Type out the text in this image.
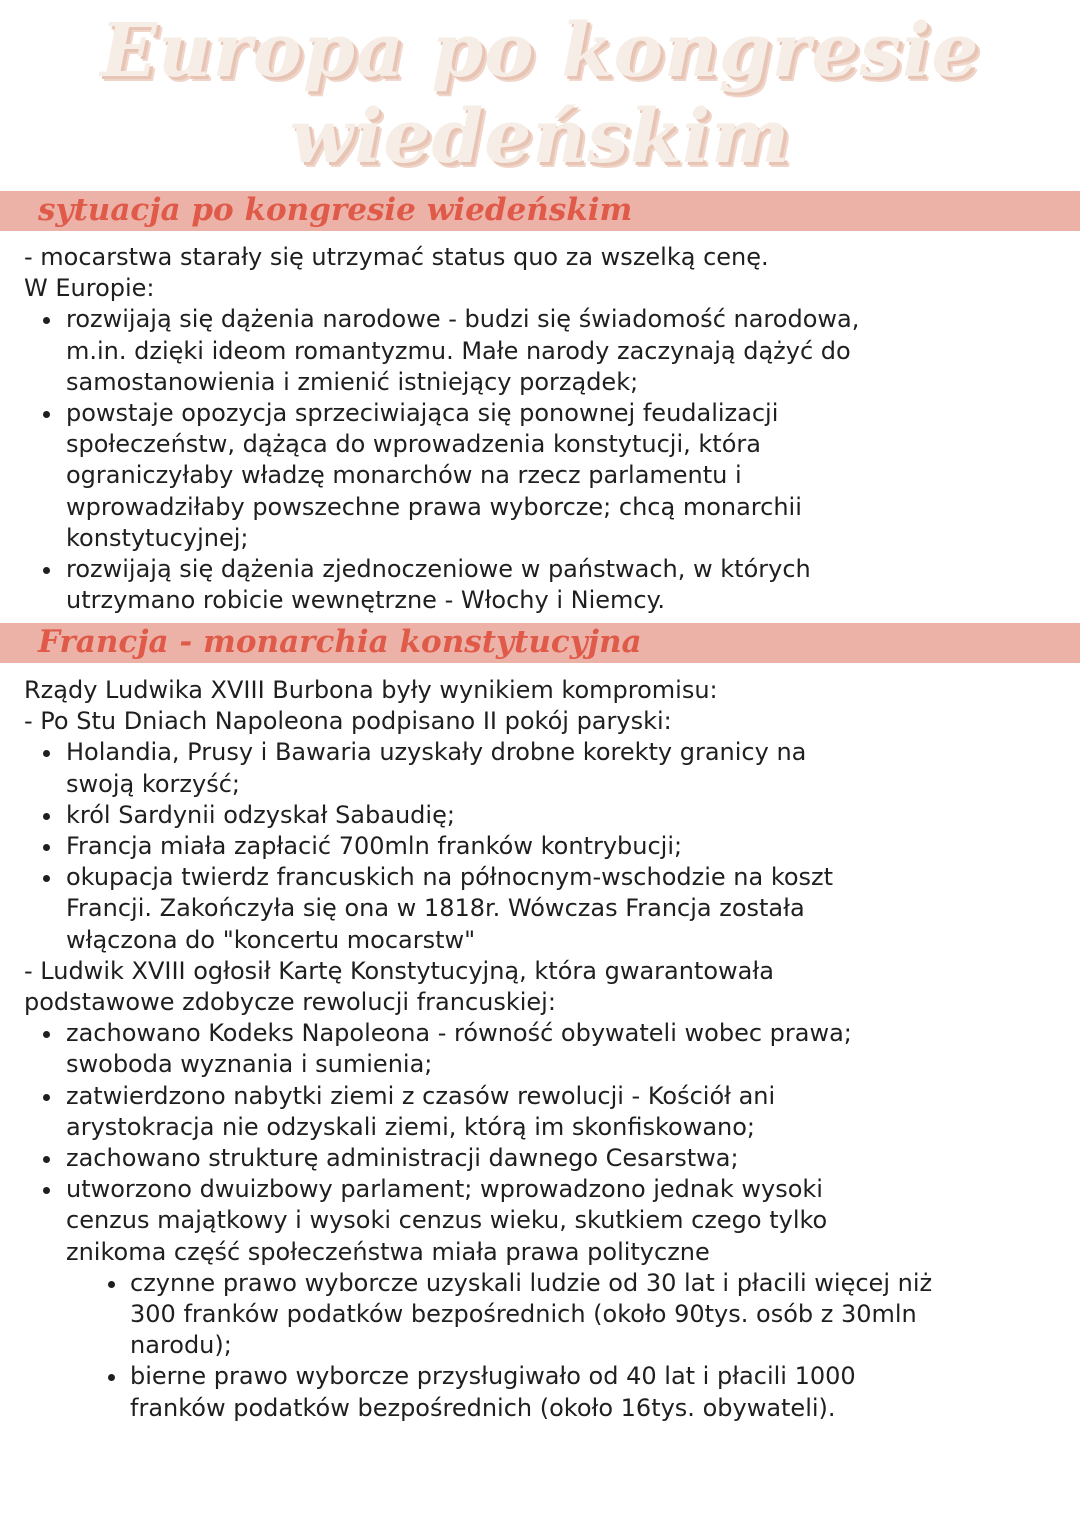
Europa po kongresie
wiedeńskim
sytuacja po kongresie wiedeńskim
- mocarstwa starały się utrzymać status quo za wszelką cenę.
W Europie:
rozwijają się dążenia narodowe - budzi się świadomość narodowa,
m.in. dzięki ideom romantyzmu. Małe narody zaczynają dążyć do
samostanowienia i zmienić istniejący porządek;
powstaje opozycja sprzeciwiająca się ponownej feudalizacji
społeczeństw, dążąca do wprowadzenia konstytucji, która
ograniczyłaby władzę monarchów na rzecz parlamentu i
wprowadziłaby powszechne prawa wyborcze; chcą monarchii
konstytucyjnej;
rozwijają się dążenia zjednoczeniowe w państwach, w których
utrzymano robicie wewnętrzne - Włochy i Niemcy.
Francja - monarchia konstytucyjna
Rządy Ludwika XVIII Burbona były wynikiem kompromisu:
- Po Stu Dniach Napoleona podpisano II pokój paryski:
Holandia, Prusy i Bawaria uzyskały drobne korekty granicy na
swoją korzyść;
król Sardynii odzyskał Sabaudię;
Francja miała zapłacić 700mln franków kontrybucji;
okupacja twierdz francuskich na północnym-wschodzie na koszt
Francji. Zakończyła się ona w 1818r. Wówczas Francja została
włączona do "koncertu mocarstw"
- Ludwik XVIII ogłosił Kartę Konstytucyjną, która gwarantowała
podstawowe zdobycze rewolucji francuskiej:
zachowano Kodeks Napoleona - równość obywateli wobec prawa;
swoboda wyznania i sumienia;
zatwierdzono nabytki ziemi z czasów rewolucji - Kościół ani
arystokracja nie odzyskali ziemi, którą im skonfiskowano;
zachowano strukturę administracji dawnego Cesarstwa;
utworzono dwuizbowy parlament; wprowadzono jednak wysoki
cenzus majątkowy i wysoki cenzus wieku, skutkiem czego tylko
znikoma część społeczeństwa miała prawa polityczne
czynne prawo wyborcze uzyskali ludzie od 30 lat i płacili więcej niż
300 franków podatków bezpośrednich (około 90tys. osób z 30mln
narodu);
bierne prawo wyborcze przysługiwało od 40 lat i płacili 1000
franków podatków bezpośrednich (około 16tys. obywateli).
